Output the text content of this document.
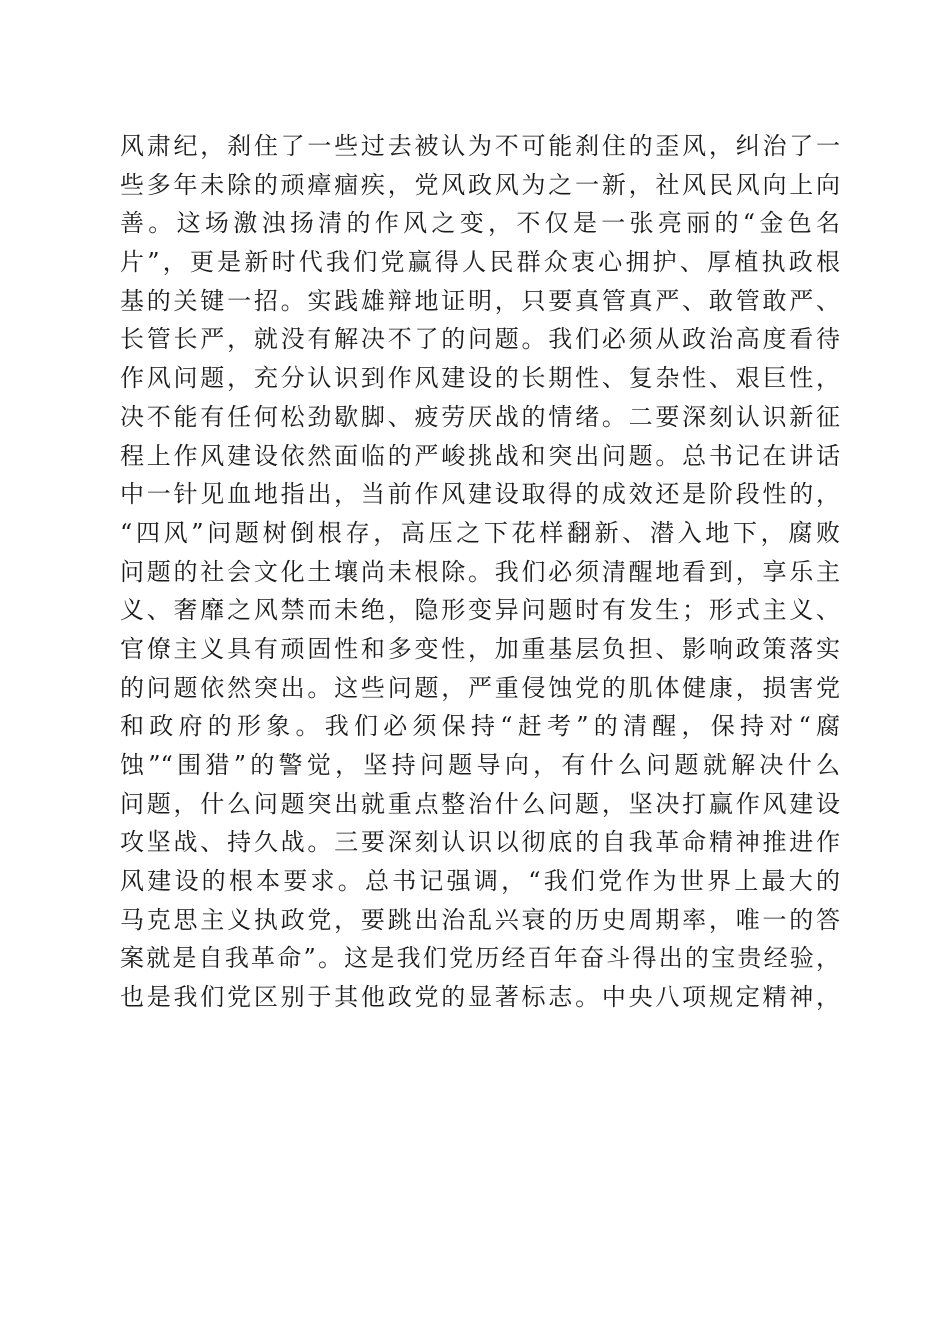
风肃纪，刹住了一些过去被认为不可能刹住的歪风，纠治了一
些多年未除的顽瘴痼疾，党风政风为之一新，社风民风向上向
善。这场激浊扬清的作风之变，不仅是一张亮丽的“金色名
片”，更是新时代我们党赢得人民群众衷心拥护、厚植执政根
基的关键一招。实践雄辩地证明，只要真管真严、敢管敢严、
长管长严，就没有解决不了的问题。我们必须从政治高度看待
作风问题，充分认识到作风建设的长期性、复杂性、艰巨性，
决不能有任何松劲歇脚、疲劳厌战的情绪。二要深刻认识新征
程上作风建设依然面临的严峻挑战和突出问题。总书记在讲话
中一针见血地指出，当前作风建设取得的成效还是阶段性的，
“四风”问题树倒根存，高压之下花样翻新、潜入地下，腐败
问题的社会文化土壤尚未根除。我们必须清醒地看到，享乐主
义、奢靡之风禁而未绝，隐形变异问题时有发生；形式主义、
官僚主义具有顽固性和多变性，加重基层负担、影响政策落实
的问题依然突出。这些问题，严重侵蚀党的肌体健康，损害党
和政府的形象。我们必须保持“赶考”的清醒，保持对“腐
蚀”“围猎”的警觉，坚持问题导向，有什么问题就解决什么
问题，什么问题突出就重点整治什么问题，坚决打赢作风建设
攻坚战、持久战。三要深刻认识以彻底的自我革命精神推进作
风建设的根本要求。总书记强调，“我们党作为世界上最大的
马克思主义执政党，要跳出治乱兴衰的历史周期率，唯一的答
案就是自我革命”。这是我们党历经百年奋斗得出的宝贵经验，
也是我们党区别于其他政党的显著标志。中央八项规定精神，
